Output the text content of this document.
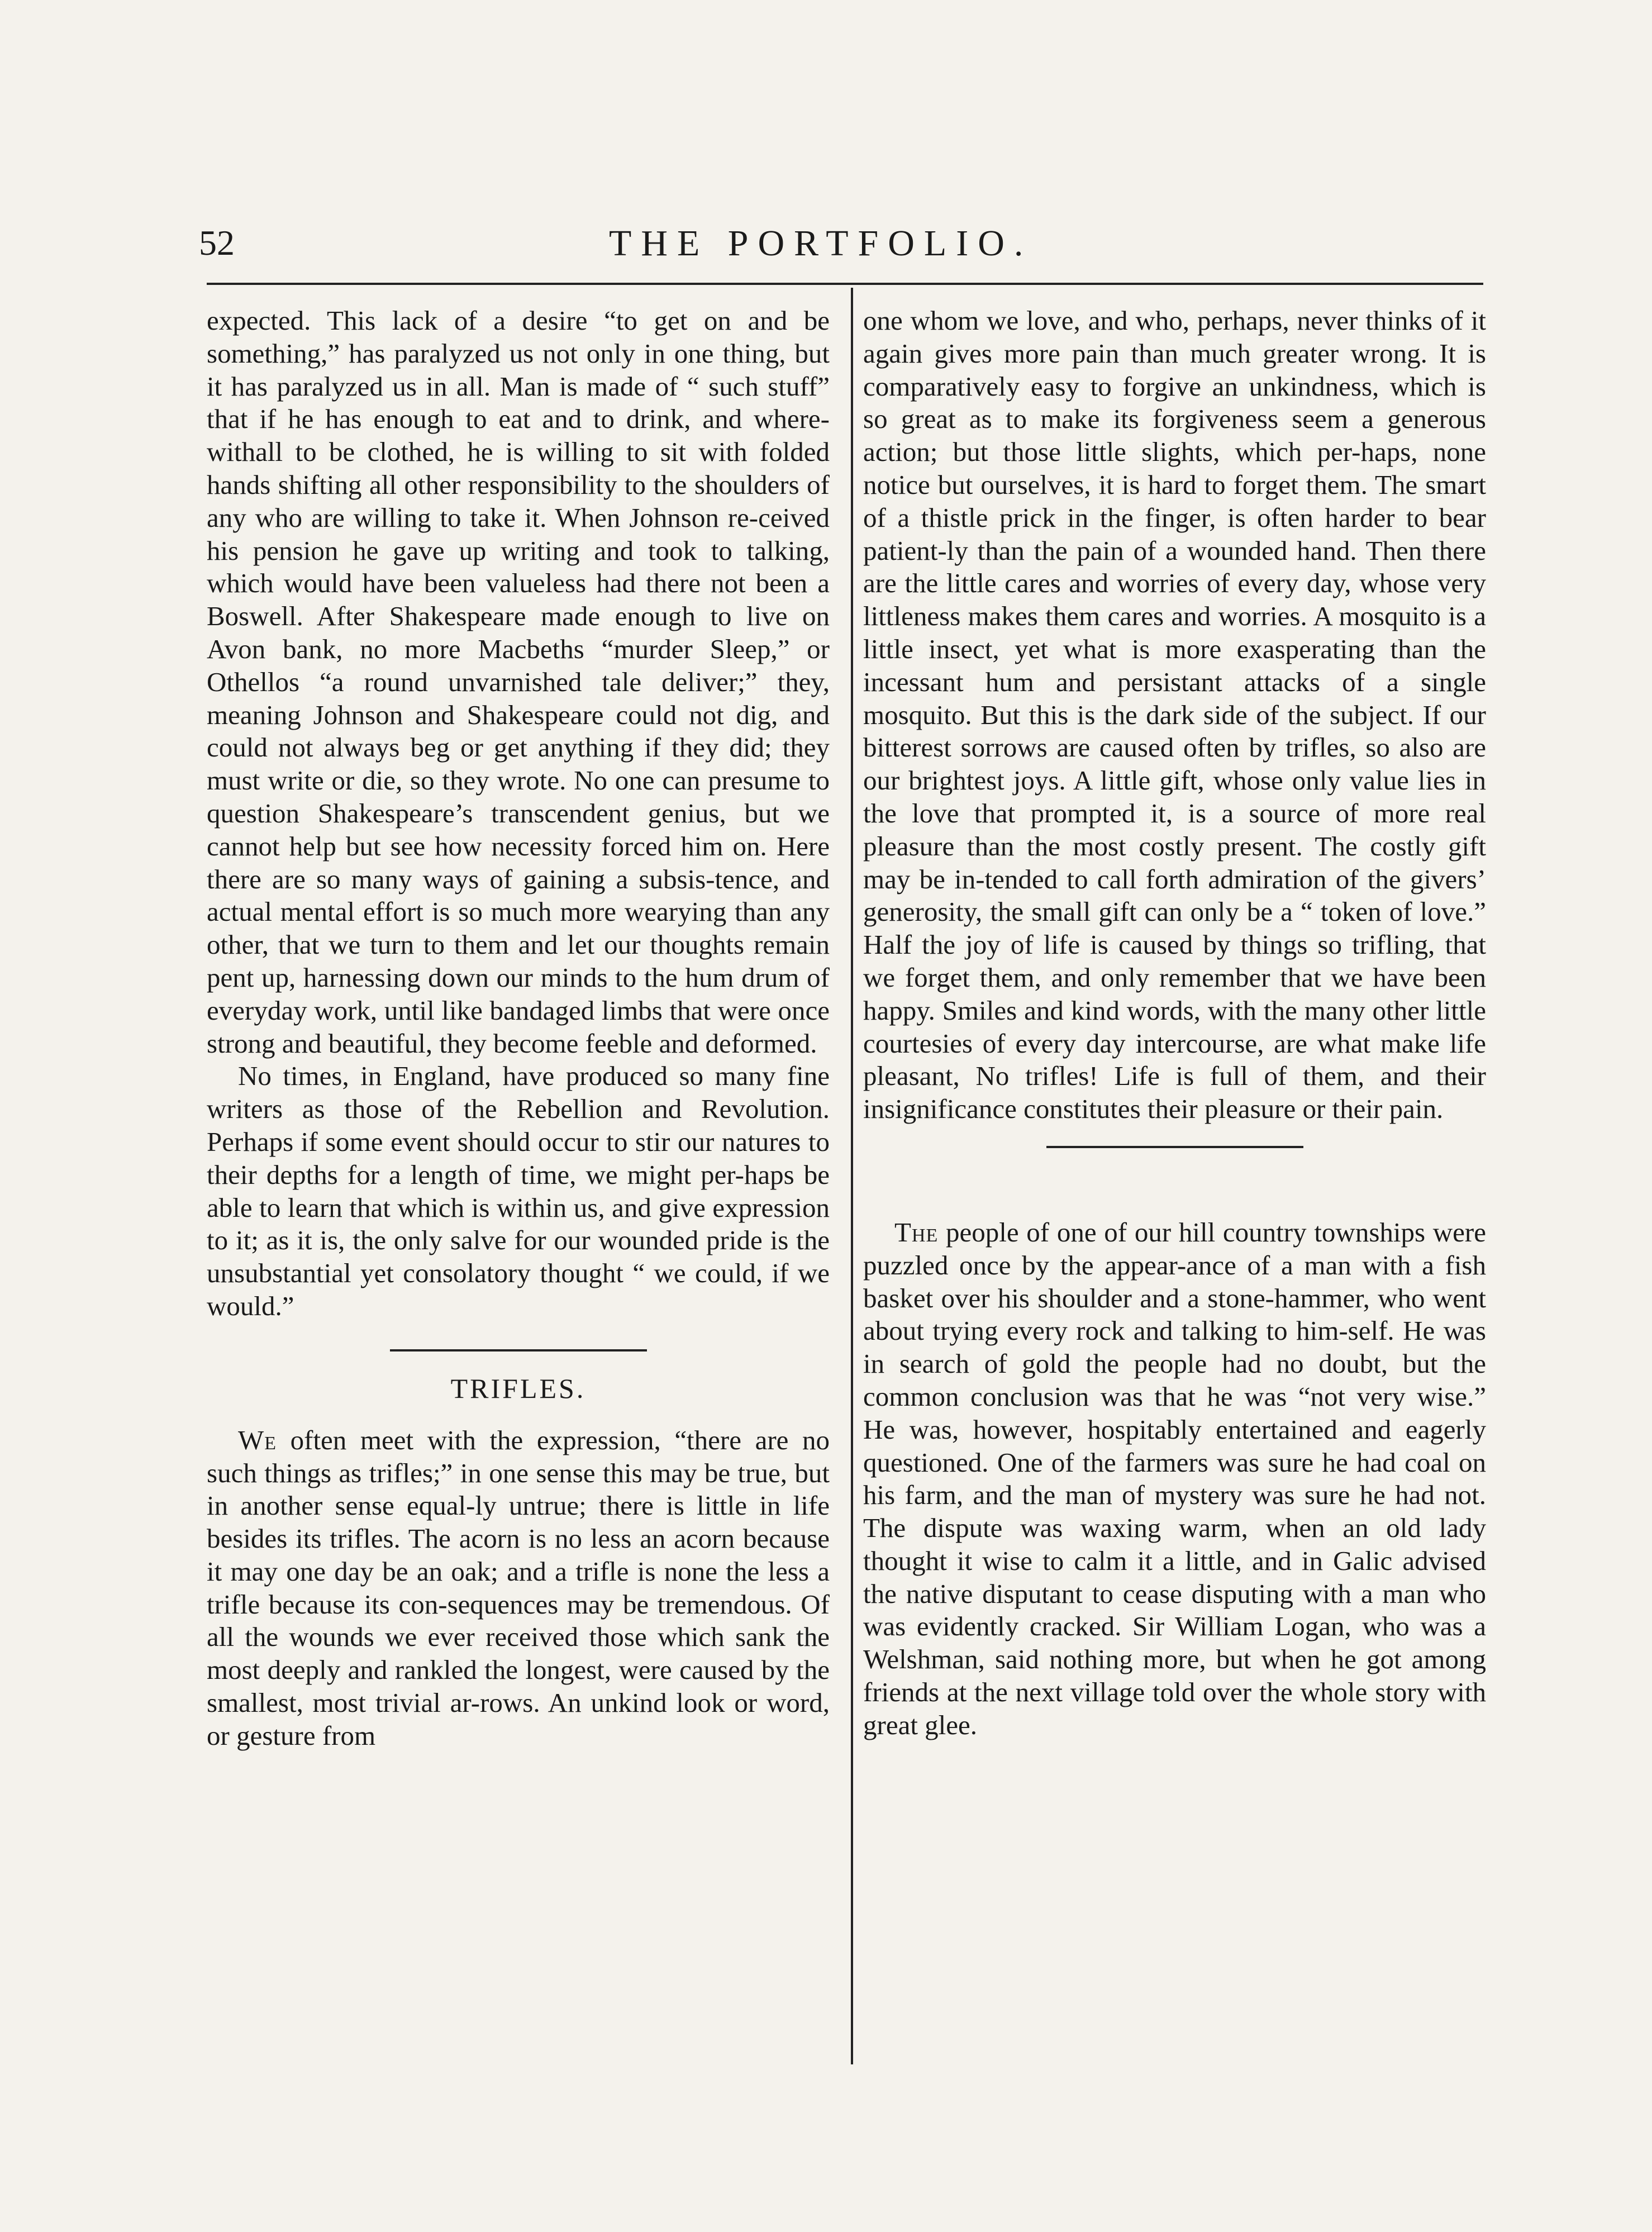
52	THE PORTFOLIO.

expected. This lack of a desire “to get on and be something,” has paralyzed us not only in one thing, but it has paralyzed us in all. Man is made of “ such stuff” that if he has enough to eat and to drink, and where-withall to be clothed, he is willing to sit with folded hands shifting all other responsibility to the shoulders of any who are willing to take it. When Johnson re-ceived his pension he gave up writing and took to talking, which would have been valueless had there not been a Boswell. After Shakespeare made enough to live on Avon bank, no more Macbeths “murder Sleep,” or Othellos “a round unvarnished tale deliver;” they, meaning Johnson and Shakespeare could not dig, and could not always beg or get anything if they did; they must write or die, so they wrote. No one can presume to question Shakespeare’s transcendent genius, but we cannot help but see how necessity forced him on. Here there are so many ways of gaining a subsis-tence, and actual mental effort is so much more wearying than any other, that we turn to them and let our thoughts remain pent up, harnessing down our minds to the hum drum of everyday work, until like bandaged limbs that were once strong and beautiful, they become feeble and deformed.

No times, in England, have produced so many fine writers as those of the Rebellion and Revolution. Perhaps if some event should occur to stir our natures to their depths for a length of time, we might per-haps be able to learn that which is within us, and give expression to it; as it is, the only salve for our wounded pride is the unsubstantial yet consolatory thought “ we could, if we would.”

TRIFLES.

We often meet with the expression, “there are no such things as trifles;” in one sense this may be true, but in another sense equal-ly untrue; there is little in life besides its trifles. The acorn is no less an acorn because it may one day be an oak; and a trifle is none the less a trifle because its con-sequences may be tremendous. Of all the wounds we ever received those which sank the most deeply and rankled the longest, were caused by the smallest, most trivial ar-rows. An unkind look or word, or gesture from

one whom we love, and who, perhaps, never thinks of it again gives more pain than much greater wrong. It is comparatively easy to forgive an unkindness, which is so great as to make its forgiveness seem a generous action; but those little slights, which per-haps, none notice but ourselves, it is hard to forget them. The smart of a thistle prick in the finger, is often harder to bear patient-ly than the pain of a wounded hand. Then there are the little cares and worries of every day, whose very littleness makes them cares and worries. A mosquito is a little insect, yet what is more exasperating than the incessant hum and persistant attacks of a single mosquito. But this is the dark side of the subject. If our bitterest sorrows are caused often by trifles, so also are our brightest joys. A little gift, whose only value lies in the love that prompted it, is a source of more real pleasure than the most costly present. The costly gift may be in-tended to call forth admiration of the givers’ generosity, the small gift can only be a “ token of love.” Half the joy of life is caused by things so trifling, that we forget them, and only remember that we have been happy. Smiles and kind words, with the many other little courtesies of every day intercourse, are what make life pleasant, No trifles! Life is full of them, and their insignificance constitutes their pleasure or their pain.

The people of one of our hill country townships were puzzled once by the appear-ance of a man with a fish basket over his shoulder and a stone-hammer, who went about trying every rock and talking to him-self. He was in search of gold the people had no doubt, but the common conclusion was that he was “not very wise.” He was, however, hospitably entertained and eagerly questioned. One of the farmers was sure he had coal on his farm, and the man of mystery was sure he had not. The dispute was waxing warm, when an old lady thought it wise to calm it a little, and in Galic advised the native disputant to cease disputing with a man who was evidently cracked. Sir William Logan, who was a Welshman, said nothing more, but when he got among friends at the next village told over the whole story with great glee.
